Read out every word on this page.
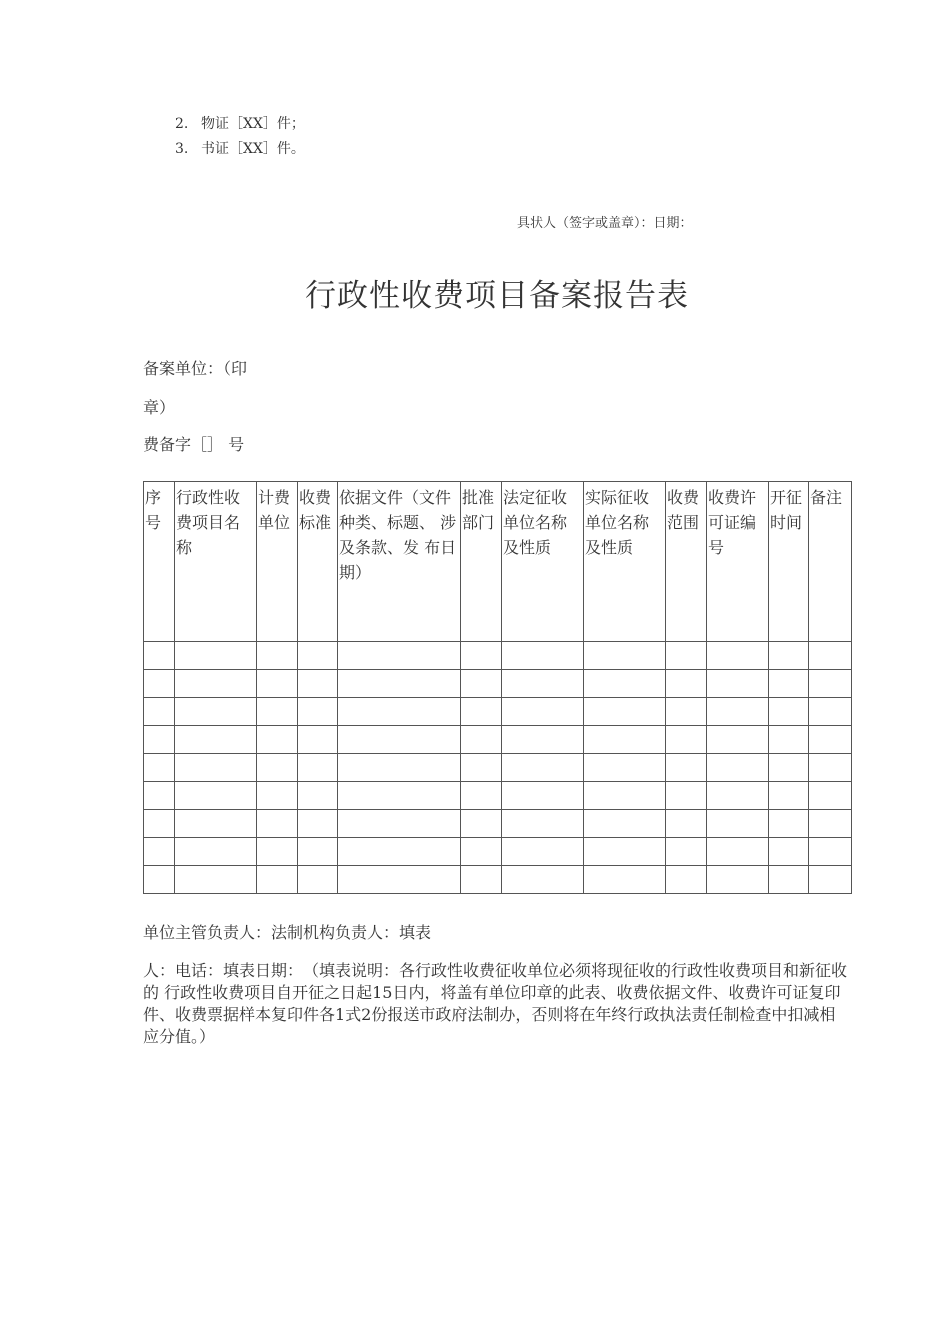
2. 物证［XX］件；
3. 书证［XX］件。
具状人（签字或盖章）：日期：
行政性收费项目备案报告表
备案单位：（印
章）
费备字［］ 号
序号	行政性收费项目名称	计费单位	收费标准	依据文件（文件种类、标题、 涉及条款、发 布日期）	批准部门	法定征收单位名称及性质	实际征收单位名称及性质	收费范围	收费许可证编号	开征时间	备注

单位主管负责人：法制机构负责人：填表
人：电话：填表日期：　（填表说明：各行政性收费征收单位必须将现征收的行政性收费项目和新征收的 行政性收费项目自开征之日起15日内，将盖有单位印章的此表、收费依据文件、收费许可证复印件、收费票据样本复印件各1式2份报送市政府法制办，否则将在年终行政执法责任制检查中扣减相应分值。）
